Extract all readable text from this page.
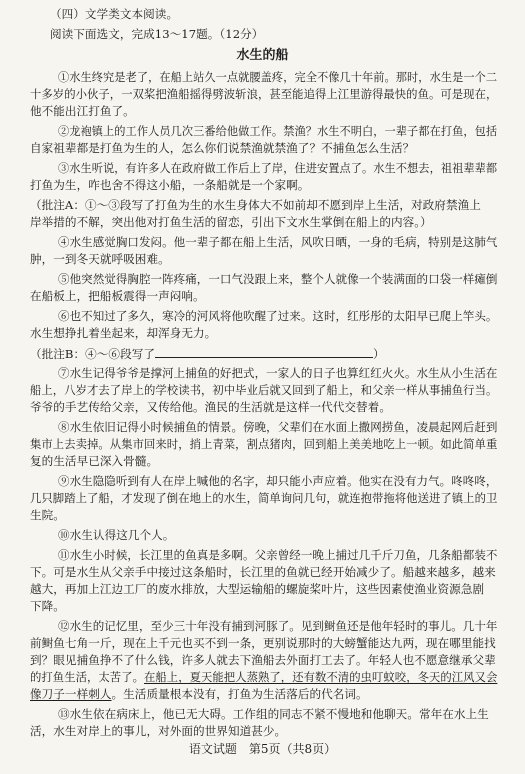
（四）文学类文本阅读。
阅读下面选文，完成13～17题。（12分）
水生的船
①水生终究是老了，在船上站久一点就腰盖疼，完全不像几十年前。那时，水生是一个二
十多岁的小伙子，一双桨把渔船摇得劈波斩浪，甚至能追得上江里游得最快的鱼。可是现在，
他不能出江打鱼了。
②龙袍镇上的工作人员几次三番给他做工作。禁渔？水生不明白，一辈子都在打鱼，包括
自家祖辈都是打鱼为生的人，怎么你们说禁渔就禁渔了？不捕鱼怎么生活？
③水生听说，有许多人在政府做工作后上了岸，住进安置点了。水生不想去，祖祖辈辈都
打鱼为生，咋也舍不得这小船，一条船就是一个家啊。
（批注A：①～③段写了打鱼为生的水生身体大不如前却不愿到岸上生活，对政府禁渔上
岸举措的不解，突出他对打鱼生活的留恋，引出下文水生掌倒在船上的内容。）
④水生感觉胸口发闷。他一辈子都在船上生活，风吹日晒，一身的毛病，特别是这肺气
肿，一到冬天就呼吸困难。
⑤他突然觉得胸腔一阵疼痛，一口气没跟上来，整个人就像一个装满面的口袋一样瘫倒
在船板上，把船板震得一声闷响。
⑥也不知过了多久，寒冷的河风将他吹醒了过来。这时，红彤彤的太阳早已爬上竿头。
水生想挣扎着坐起来，却浑身无力。
（批注B：④～⑥段写了	）
⑦水生记得爷爷是撑河上捕鱼的好把式，一家人的日子也算红红火火。水生从小生活在
船上，八岁才去了岸上的学校读书，初中毕业后就又回到了船上，和父亲一样从事捕鱼行当。
爷爷的手艺传给父亲，又传给他。渔民的生活就是这样一代代交替着。
⑧水生依旧记得小时候捕鱼的情景。傍晚，父辈们在水面上撒网捞鱼，凌晨起网后赶到
集市上去卖掉。从集市回来时，捎上青菜，割点猪肉，回到船上美美地吃上一顿。如此简单重
复的生活早已深入骨髓。
⑨水生隐隐听到有人在岸上喊他的名字，却只能小声应着。他实在没有力气。咚咚咚，
几只脚踏上了船，才发现了倒在地上的水生，简单询问几句，就连抱带拖将他送进了镇上的卫
生院。
⑩水生认得这几个人。
⑪水生小时候，长江里的鱼真是多啊。父亲曾经一晚上捕过几千斤刀鱼，几条船都装不
下。可是水生从父亲手中接过这条船时，长江里的鱼就已经开始减少了。船越来越多，越来
越大，再加上江边工厂的废水排放，大型运输船的螺旋桨叶片，这些因素使渔业资源急剧
下降。
⑫水生的记忆里，至少三十年没有捕到河豚了。见到鲥鱼还是他年轻时的事儿。几十年
前鲥鱼七角一斤，现在上千元也买不到一条，更别说那时的大螃蟹能达九两，现在哪里能找
到？眼见捕鱼挣不了什么钱，许多人就去下渔船去外面打工去了。年轻人也不愿意继承父辈
的打鱼生活，太苦了。在船上，夏天能把人蒸熟了，还有数不清的虫叮蚊咬，冬天的江风又会
像刀子一样刺人。生活质量根本没有，打鱼为生活落后的代名词。
⑬水生依在病床上，他已无大碍。工作组的同志不紧不慢地和他聊天。常年在水上生
活，水生对岸上的事儿，对外面的世界知道甚少。
语文试题　第5页（共8页）
